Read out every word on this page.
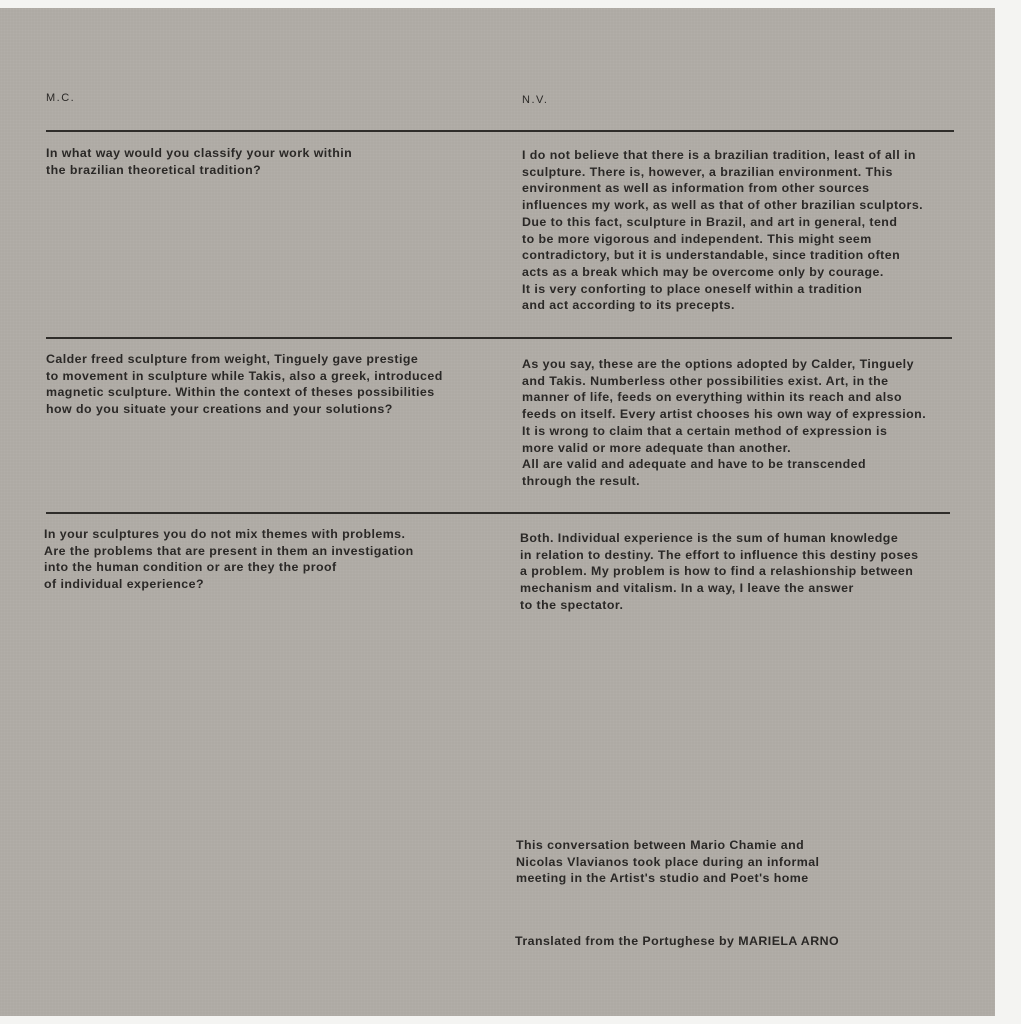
M.C.	N.V.
In what way would you classify your work within
the brazilian theoretical tradition?
I do not believe that there is a brazilian tradition, least of all in
sculpture. There is, however, a brazilian environment. This
environment as well as information from other sources
influences my work, as well as that of other brazilian sculptors.
Due to this fact, sculpture in Brazil, and art in general, tend
to be more vigorous and independent. This might seem
contradictory, but it is understandable, since tradition often
acts as a break which may be overcome only by courage.
It is very conforting to place oneself within a tradition
and act according to its precepts.
Calder freed sculpture from weight, Tinguely gave prestige
to movement in sculpture while Takis, also a greek, introduced
magnetic sculpture. Within the context of theses possibilities
how do you situate your creations and your solutions?
As you say, these are the options adopted by Calder, Tinguely
and Takis. Numberless other possibilities exist. Art, in the
manner of life, feeds on everything within its reach and also
feeds on itself. Every artist chooses his own way of expression.
It is wrong to claim that a certain method of expression is
more valid or more adequate than another.
All are valid and adequate and have to be transcended
through the result.
In your sculptures you do not mix themes with problems.
Are the problems that are present in them an investigation
into the human condition or are they the proof
of individual experience?
Both. Individual experience is the sum of human knowledge
in relation to destiny. The effort to influence this destiny poses
a problem. My problem is how to find a relashionship between
mechanism and vitalism. In a way, I leave the answer
to the spectator.
This conversation between Mario Chamie and
Nicolas Vlavianos took place during an informal
meeting in the Artist's studio and Poet's home
Translated from the Portughese by MARIELA ARNO
